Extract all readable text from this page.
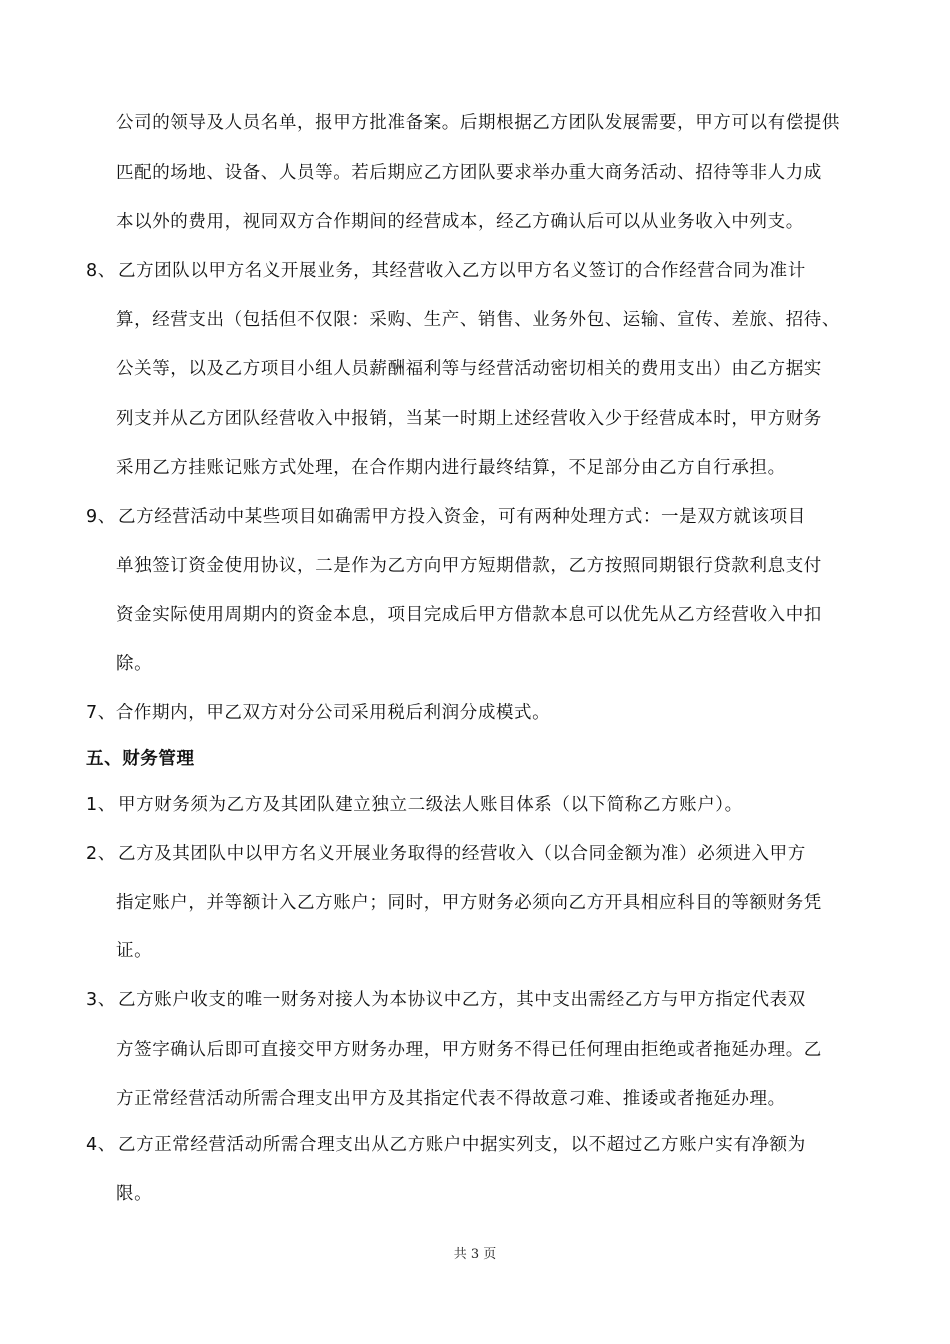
公司的领导及人员名单，报甲方批准备案。后期根据乙方团队发展需要，甲方可以有偿提供
匹配的场地、设备、人员等。若后期应乙方团队要求举办重大商务活动、招待等非人力成
本以外的费用，视同双方合作期间的经营成本，经乙方确认后可以从业务收入中列支。
8、 乙方团队以甲方名义开展业务，其经营收入乙方以甲方名义签订的合作经营合同为准计
算，经营支出（包括但不仅限：采购、生产、销售、业务外包、运输、宣传、差旅、招待、
公关等，以及乙方项目小组人员薪酬福利等与经营活动密切相关的费用支出）由乙方据实
列支并从乙方团队经营收入中报销，当某一时期上述经营收入少于经营成本时，甲方财务
采用乙方挂账记账方式处理，在合作期内进行最终结算，不足部分由乙方自行承担。
9、 乙方经营活动中某些项目如确需甲方投入资金，可有两种处理方式：一是双方就该项目
单独签订资金使用协议，二是作为乙方向甲方短期借款，乙方按照同期银行贷款利息支付
资金实际使用周期内的资金本息，项目完成后甲方借款本息可以优先从乙方经营收入中扣
除。
7、合作期内，甲乙双方对分公司采用税后利润分成模式。
五、财务管理
1、 甲方财务须为乙方及其团队建立独立二级法人账目体系（以下简称乙方账户）。
2、 乙方及其团队中以甲方名义开展业务取得的经营收入（以合同金额为准）必须进入甲方
指定账户，并等额计入乙方账户；同时，甲方财务必须向乙方开具相应科目的等额财务凭
证。
3、 乙方账户收支的唯一财务对接人为本协议中乙方，其中支出需经乙方与甲方指定代表双
方签字确认后即可直接交甲方财务办理，甲方财务不得已任何理由拒绝或者拖延办理。乙
方正常经营活动所需合理支出甲方及其指定代表不得故意刁难、推诿或者拖延办理。
4、 乙方正常经营活动所需合理支出从乙方账户中据实列支，以不超过乙方账户实有净额为
限。
共 3 页
